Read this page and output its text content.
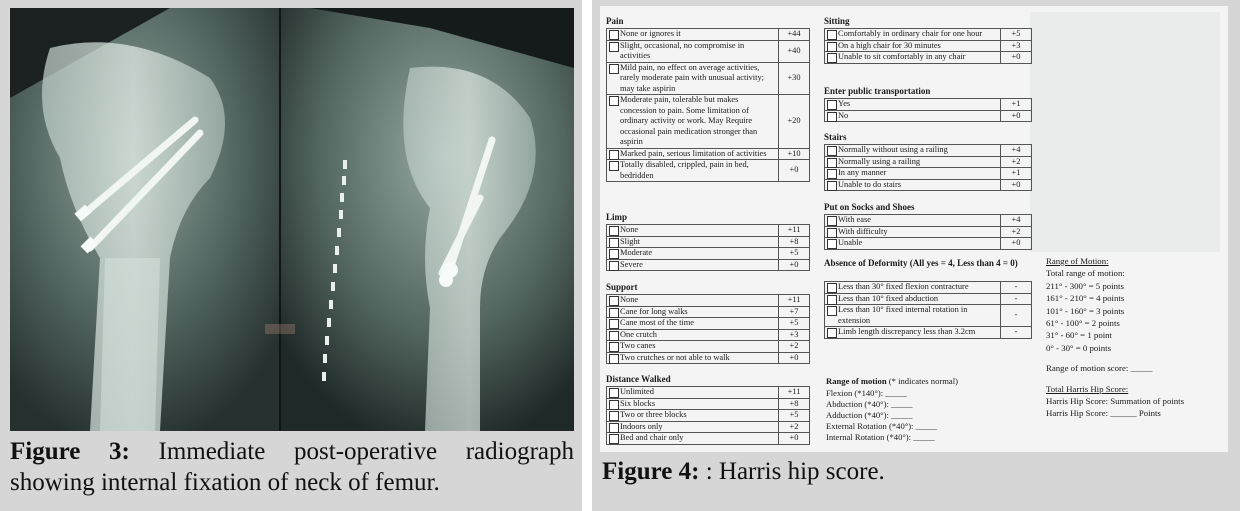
Figure 3: Immediate post-operative radiograph showing internal fixation of neck of femur.
Pain
None or ignores it	+44
Slight, occasional, no compromise in activities	+40
Mild pain, no effect on average activities, rarely moderate pain with unusual activity; may take aspirin	+30
Moderate pain, tolerable but makes concession to pain. Some limitation of ordinary activity or work. May Require occasional pain medication stronger than aspirin	+20
Marked pain, serious limitation of activities	+10
Totally disabled, crippled, pain in bed, bedridden	+0
Limp
None	+11
Slight	+8
Moderate	+5
Severe	+0
Support
None	+11
Cane for long walks	+7
Cane most of the time	+5
One crutch	+3
Two canes	+2
Two crutches or not able to walk	+0
Distance Walked
Unlimited	+11
Six blocks	+8
Two or three blocks	+5
Indoors only	+2
Bed and chair only	+0
Sitting
Comfortably in ordinary chair for one hour	+5
On a high chair for 30 minutes	+3
Unable to sit comfortably in any chair	+0
Enter public transportation
Yes	+1
No	+0
Stairs
Normally without using a railing	+4
Normally using a railing	+2
In any manner	+1
Unable to do stairs	+0
Put on Socks and Shoes
With ease	+4
With difficulty	+2
Unable	+0
Absence of Deformity (All yes = 4, Less than 4 = 0)
Less than 30° fixed flexion contracture	-
Less than 10° fixed abduction	-
Less than 10° fixed internal rotation in extension	-
Limb length discrepancy less than 3.2cm	-
Range of motion (* indicates normal)
Flexion (*140°): _____
Abduction (*40°): _____
Adduction (*40°): _____
External Rotation (*40°): _____
Internal Rotation (*40°): _____
Range of Motion:
Total range of motion:
211° - 300° = 5 points
161° - 210° = 4 points
101° - 160° = 3 points
61° - 100° = 2 points
31° - 60° = 1 point
0° - 30° = 0 points
Range of motion score: _____
Total Harris Hip Score:
Harris Hip Score: Summation of points
Harris Hip Score: ______ Points
Figure 4: : Harris hip score.
